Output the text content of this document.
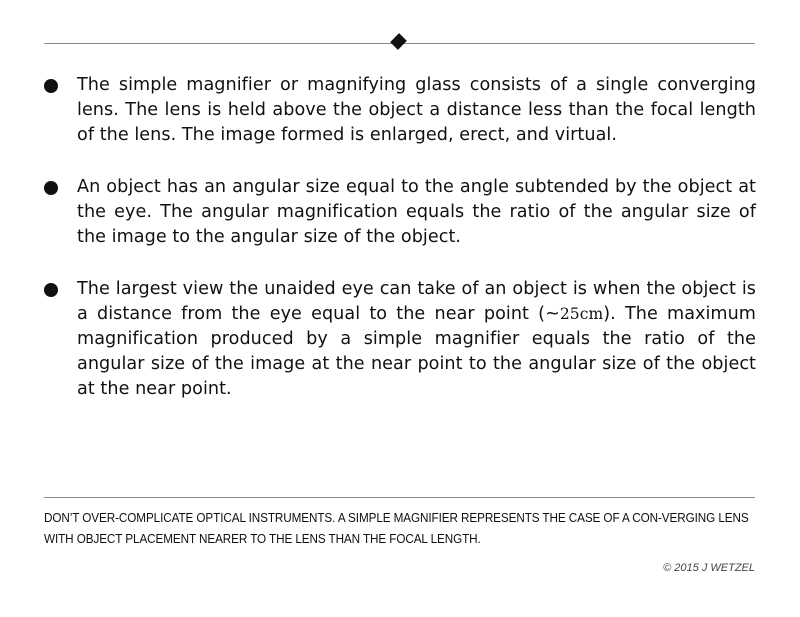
The simple magnifier or magnifying glass consists of a single converging lens. The lens is held above the object a distance less than the focal length of the lens. The image formed is enlarged, erect, and virtual.
An object has an angular size equal to the angle subtended by the object at the eye. The angular magnification equals the ratio of the angular size of the image to the angular size of the object.
The largest view the unaided eye can take of an object is when the object is a distance from the eye equal to the near point (~25cm). The maximum magnification produced by a simple magnifier equals the ratio of the angular size of the image at the near point to the angular size of the object at the near point.
DON’T OVER-COMPLICATE OPTICAL INSTRUMENTS. A SIMPLE MAGNIFIER REPRESENTS THE CASE OF A CON-VERGING LENS WITH OBJECT PLACEMENT NEARER TO THE LENS THAN THE FOCAL LENGTH.
© 2015 J WETZEL
